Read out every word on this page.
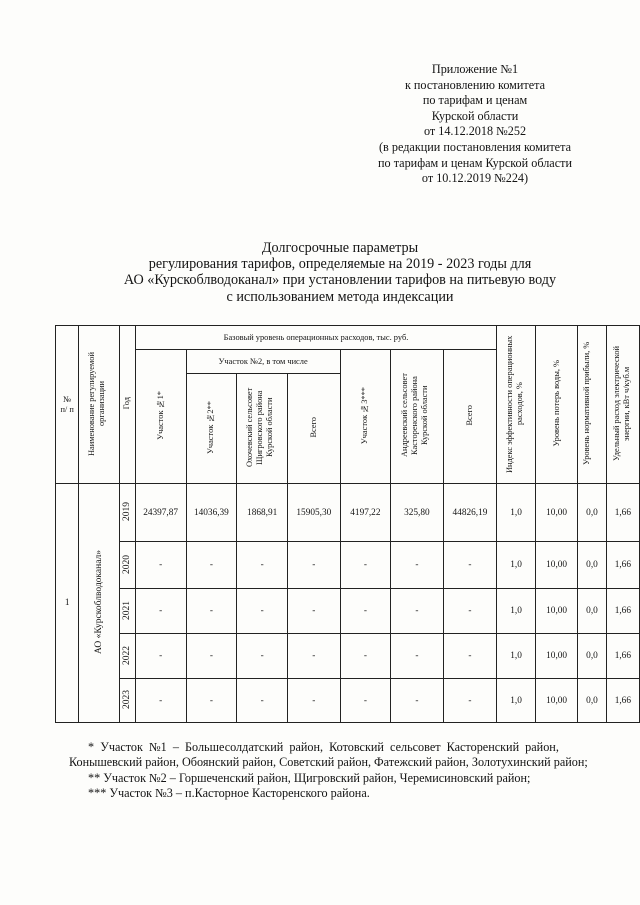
Приложение №1
к постановлению комитета
по тарифам и ценам
Курской области
от 14.12.2018 №252
(в редакции постановления комитета
по тарифам и ценам Курской области
от 10.12.2019 №224)
Долгосрочные параметры
регулирования тарифов, определяемые на 2019 - 2023 годы для
АО «Курскоблводоканал» при установлении тарифов на питьевую воду
с использованием метода индексации
№ п/ п	Наименование регулируемой организации	Год	Базовый уровень операционных расходов, тыс. руб.							Индекс эффективности операционных расходов, %	Уровень потерь воды, %	Уровень нормативной прибыли, %	Удельный расход электрической энергии, кВт ч/куб.м
			Участок №1*	Участок №2, в том числе			Участок №3***	Андреевский сельсовет Касторенского района Курской области	Всего				
				Участок №2**	Охочевский сельсовет Щигровского района Курской области	Всего							
1	АО «Курскоблводоканал»	2019	24397,87	14036,39	1868,91	15905,30	4197,22	325,80	44826,19	1,0	10,00	0,0	1,66
		2020	-	-	-	-	-	-	-	1,0	10,00	0,0	1,66
		2021	-	-	-	-	-	-	-	1,0	10,00	0,0	1,66
		2022	-	-	-	-	-	-	-	1,0	10,00	0,0	1,66
		2023	-	-	-	-	-	-	-	1,0	10,00	0,0	1,66
*  Участок  №1  –  Большесолдатский  район,  Котовский  сельсовет  Касторенский  район,
Конышевский район, Обоянский район, Советский район, Фатежский район, Золотухинский район;
** Участок №2 – Горшеченский район, Щигровский район, Черемисиновский район;
*** Участок №3 – п.Касторное Касторенского района.
